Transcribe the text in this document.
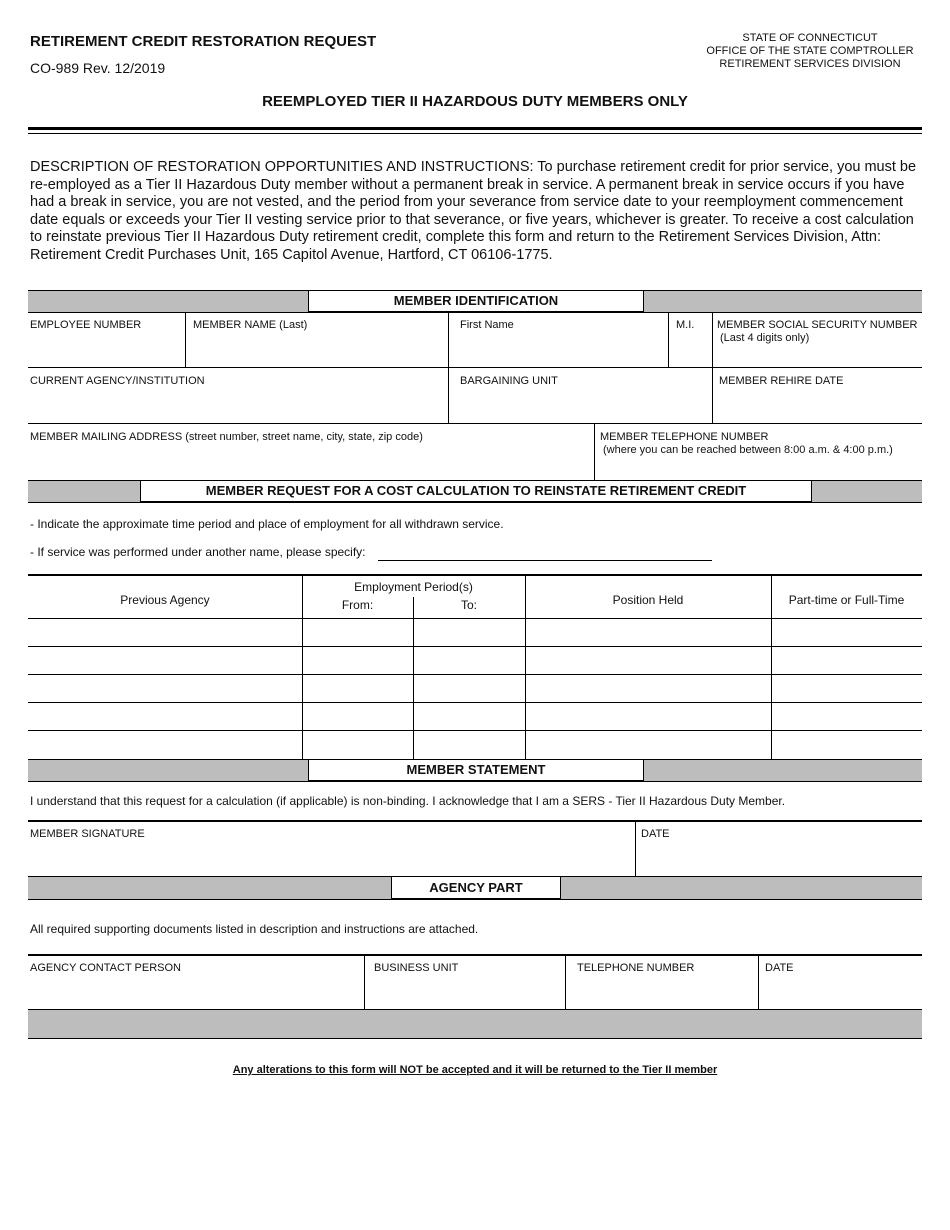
RETIREMENT CREDIT RESTORATION REQUEST
CO-989 Rev. 12/2019
STATE OF CONNECTICUT
OFFICE OF THE STATE COMPTROLLER
RETIREMENT SERVICES DIVISION
REEMPLOYED TIER II HAZARDOUS DUTY MEMBERS ONLY
DESCRIPTION OF RESTORATION OPPORTUNITIES AND INSTRUCTIONS: To purchase retirement credit for prior service, you must be re-employed as a Tier II Hazardous Duty member without a permanent break in service. A permanent break in service occurs if you have had a break in service, you are not vested, and the period from your severance from service date to your reemployment commencement date equals or exceeds your Tier II vesting service prior to that severance, or five years, whichever is greater. To receive a cost calculation to reinstate previous Tier II Hazardous Duty retirement credit, complete this form and return to the Retirement Services Division, Attn: Retirement Credit Purchases Unit, 165 Capitol Avenue, Hartford, CT 06106-1775.
MEMBER IDENTIFICATION
EMPLOYEE NUMBER	MEMBER NAME (Last)	First Name	M.I. MEMBER SOCIAL SECURITY NUMBER
(Last 4 digits only)
CURRENT AGENCY/INSTITUTION	BARGAINING UNIT	MEMBER REHIRE DATE
MEMBER MAILING ADDRESS (street number, street name, city, state, zip code)	MEMBER TELEPHONE NUMBER
(where you can be reached between 8:00 a.m. & 4:00 p.m.)
MEMBER REQUEST FOR A COST CALCULATION TO REINSTATE RETIREMENT CREDIT
- Indicate the approximate time period and place of employment for all withdrawn service.
- If service was performed under another name, please specify:
Previous Agency
Employment Period(s)
From:	To:	Position Held	Part-time or Full-Time
MEMBER STATEMENT
I understand that this request for a calculation (if applicable) is non-binding. I acknowledge that I am a SERS - Tier II Hazardous Duty Member.
MEMBER SIGNATURE	DATE
AGENCY PART
All required supporting documents listed in description and instructions are attached.
AGENCY CONTACT PERSON	BUSINESS UNIT	TELEPHONE NUMBER	DATE
Any alterations to this form will NOT be accepted and it will be returned to the Tier II member
